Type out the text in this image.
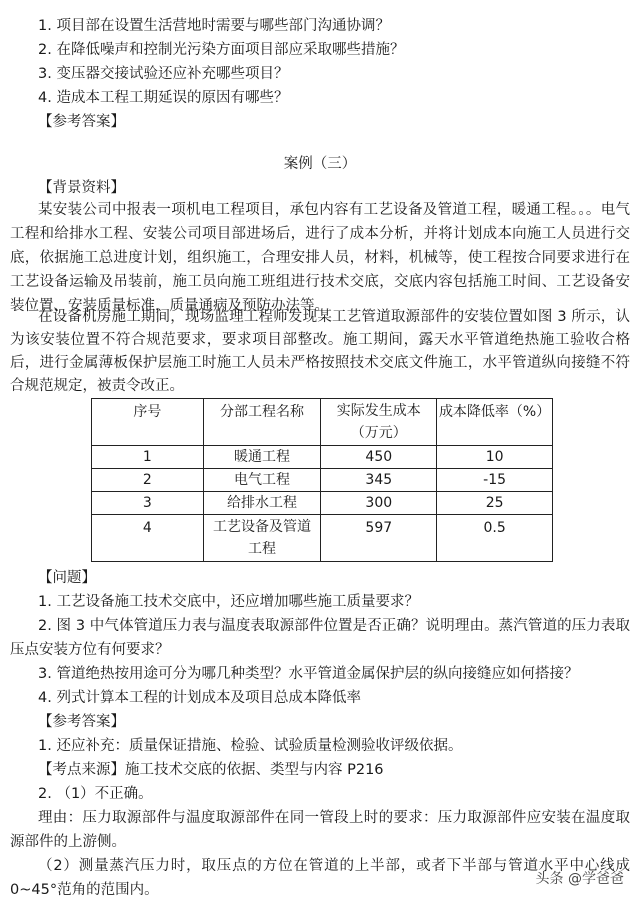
1. 项目部在设置生活营地时需要与哪些部门沟通协调？
2. 在降低噪声和控制光污染方面项目部应采取哪些措施？
3. 变压器交接试验还应补充哪些项目？
4. 造成本工程工期延误的原因有哪些？
【参考答案】
案例（三）
【背景资料】
某安装公司中报表一项机电工程项目，承包内容有工艺设备及管道工程，暖通工程。。。电气工程和给排水工程、安装公司项目部进场后，进行了成本分析，并将计划成本向施工人员进行交底，依据施工总进度计划，组织施工，合理安排人员，材料，机械等，使工程按合同要求进行在工艺设备运输及吊装前，施工员向施工班组进行技术交底，交底内容包括施工时间、工艺设备安装位置、安装质量标准，质量通病及预防办法等。
在设备机房施工期间，现场监理工程师发现某工艺管道取源部件的安装位置如图 3 所示，认为该安装位置不符合规范要求，要求项目部整改。施工期间，露天水平管道绝热施工验收合格后，进行金属薄板保护层施工时施工人员未严格按照技术交底文件施工，水平管道纵向接缝不符合规范规定，被责令改正。
序号	分部工程名称	实际发生成本（万元）	成本降低率（%）
1	暖通工程	450	10
2	电气工程	345	-15
3	给排水工程	300	25
4	工艺设备及管道工程	597	0.5
【问题】
1. 工艺设备施工技术交底中，还应增加哪些施工质量要求？
2. 图 3 中气体管道压力表与温度表取源部件位置是否正确？说明理由。蒸汽管道的压力表取压点安装方位有何要求？
3. 管道绝热按用途可分为哪几种类型？水平管道金属保护层的纵向接缝应如何搭接？
4. 列式计算本工程的计划成本及项目总成本降低率
【参考答案】
1. 还应补充：质量保证措施、检验、试验质量检测验收评级依据。
【考点来源】施工技术交底的依据、类型与内容 P216
2. （1）不正确。
理由：压力取源部件与温度取源部件在同一管段上时的要求：压力取源部件应安装在温度取源部件的上游侧。
（2）测量蒸汽压力时，取压点的方位在管道的上半部，或者下半部与管道水平中心线成 0~45°范角的范围内。
头条 @学爸爸
